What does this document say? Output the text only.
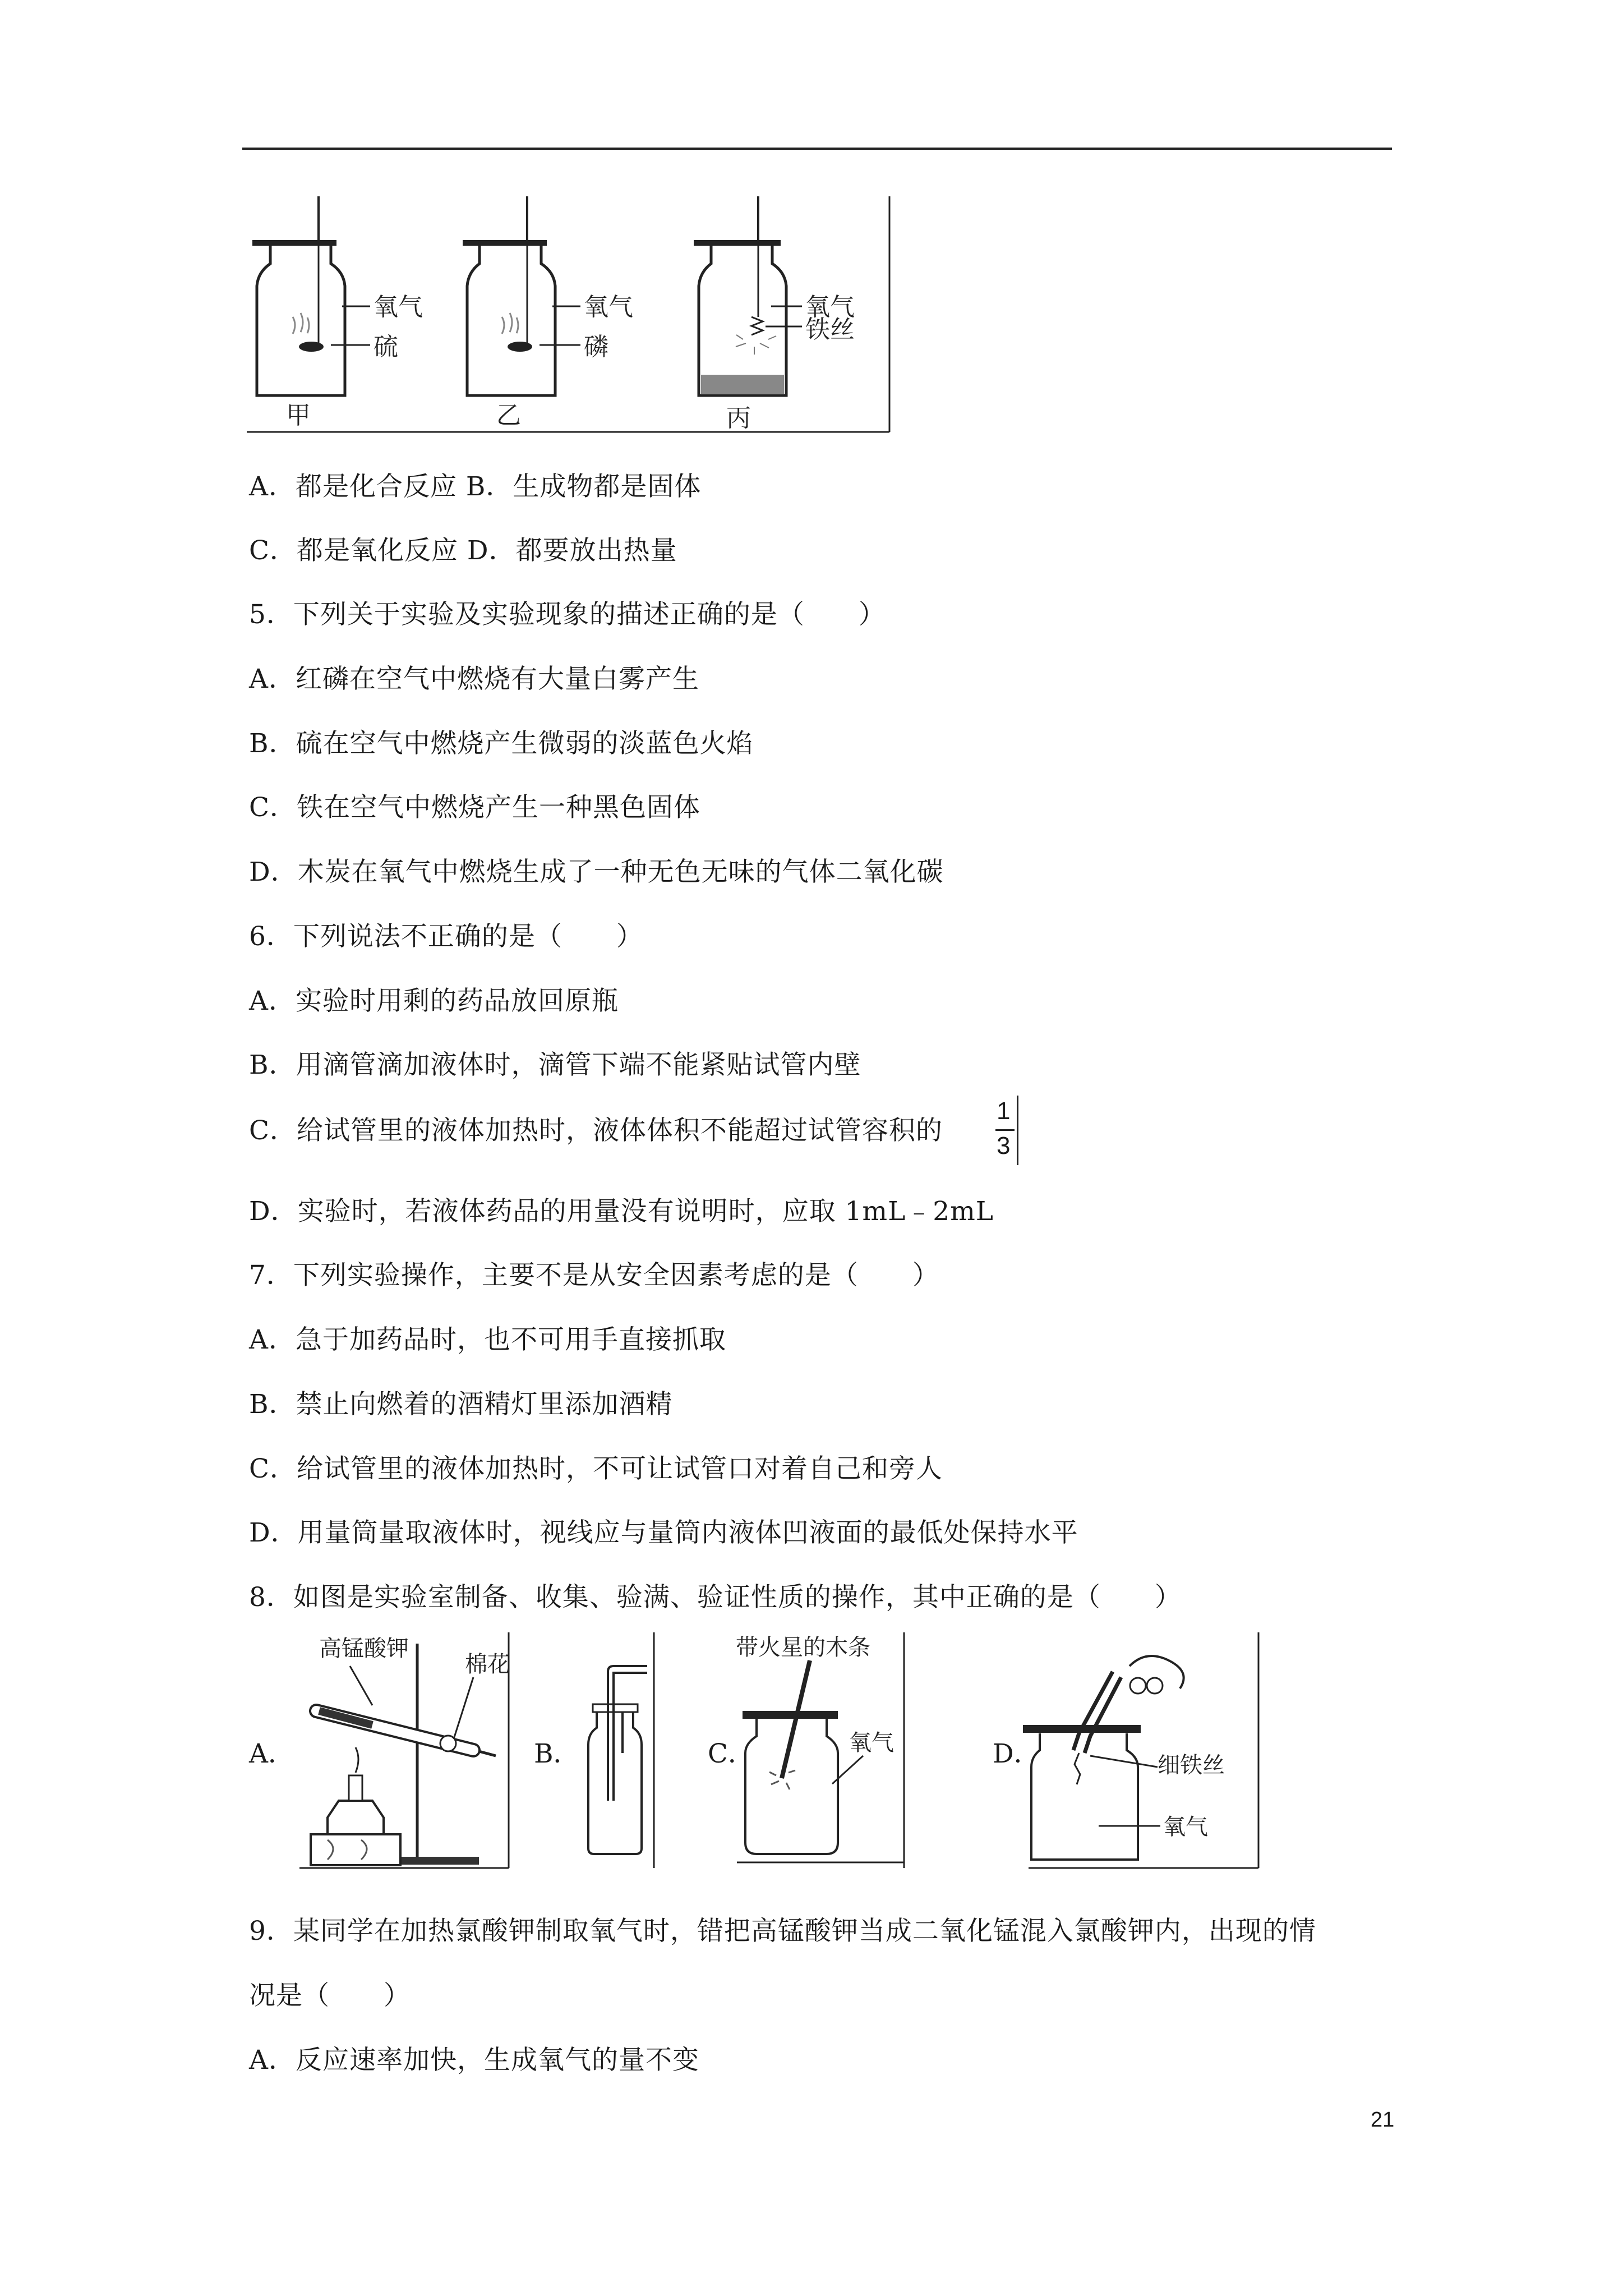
氧气
硫
甲
氧气
磷
乙
氧气
铁丝
丙
A．都是化合反应 B．生成物都是固体
C．都是氧化反应 D．都要放出热量
5．下列关于实验及实验现象的描述正确的是（　　）
A．红磷在空气中燃烧有大量白雾产生
B．硫在空气中燃烧产生微弱的淡蓝色火焰
C．铁在空气中燃烧产生一种黑色固体
D．木炭在氧气中燃烧生成了一种无色无味的气体二氧化碳
6．下列说法不正确的是（　　）
A．实验时用剩的药品放回原瓶
B．用滴管滴加液体时，滴管下端不能紧贴试管内壁
C．给试管里的液体加热时，液体体积不能超过试管容积的
1
3
D．实验时，若液体药品的用量没有说明时，应取 1mL﹣2mL
7．下列实验操作，主要不是从安全因素考虑的是（　　）
A．急于加药品时，也不可用手直接抓取
B．禁止向燃着的酒精灯里添加酒精
C．给试管里的液体加热时，不可让试管口对着自己和旁人
D．用量筒量取液体时，视线应与量筒内液体凹液面的最低处保持水平
8．如图是实验室制备、收集、验满、验证性质的操作，其中正确的是（　　）
A．	B．	C．	D．
高锰酸钾
棉花
带火星的木条
氧气
细铁丝
氧气
9．某同学在加热氯酸钾制取氧气时，错把高锰酸钾当成二氧化锰混入氯酸钾内，出现的情
况是（　　）
A．反应速率加快，生成氧气的量不变
21
